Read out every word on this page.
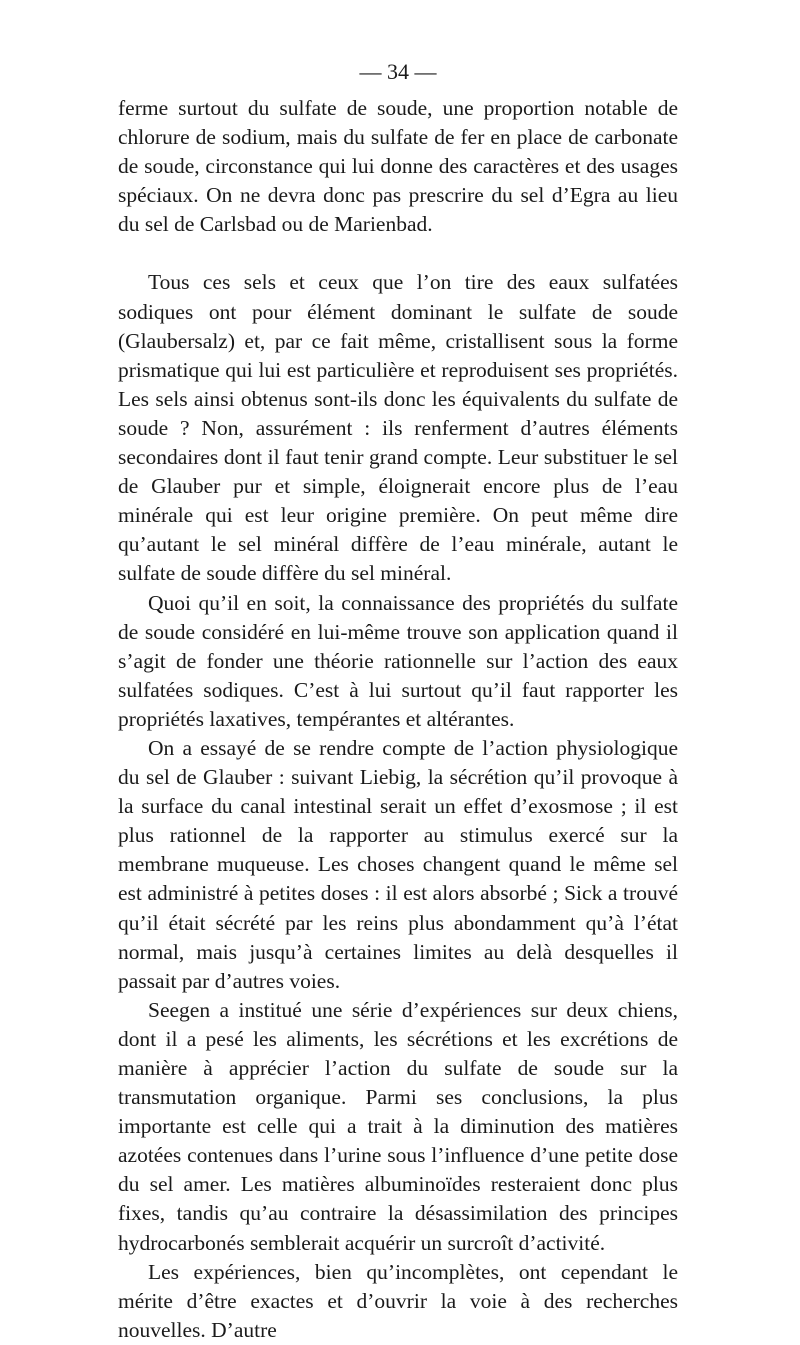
— 34 —

ferme surtout du sulfate de soude, une proportion notable de chlorure de sodium, mais du sulfate de fer en place de carbonate de soude, circonstance qui lui donne des caractères et des usages spéciaux. On ne devra donc pas prescrire du sel d’Egra au lieu du sel de Carlsbad ou de Marienbad.

Tous ces sels et ceux que l’on tire des eaux sulfatées sodiques ont pour élément dominant le sulfate de soude (Glaubersalz) et, par ce fait même, cristallisent sous la forme prismatique qui lui est particulière et reproduisent ses propriétés. Les sels ainsi obtenus sont-ils donc les équivalents du sulfate de soude ? Non, assurément : ils renferment d’autres éléments secondaires dont il faut tenir grand compte. Leur substituer le sel de Glauber pur et simple, éloignerait encore plus de l’eau minérale qui est leur origine première. On peut même dire qu’autant le sel minéral diffère de l’eau minérale, autant le sulfate de soude diffère du sel minéral.

Quoi qu’il en soit, la connaissance des propriétés du sulfate de soude considéré en lui-même trouve son application quand il s’agit de fonder une théorie rationnelle sur l’action des eaux sulfatées sodiques. C’est à lui surtout qu’il faut rapporter les propriétés laxatives, tempérantes et altérantes.

On a essayé de se rendre compte de l’action physiologique du sel de Glauber : suivant Liebig, la sécrétion qu’il provoque à la surface du canal intestinal serait un effet d’exosmose ; il est plus rationnel de la rapporter au stimulus exercé sur la membrane muqueuse. Les choses changent quand le même sel est administré à petites doses : il est alors absorbé ; Sick a trouvé qu’il était sécrété par les reins plus abondamment qu’à l’état normal, mais jusqu’à certaines limites au delà desquelles il passait par d’autres voies.

Seegen a institué une série d’expériences sur deux chiens, dont il a pesé les aliments, les sécrétions et les excrétions de manière à apprécier l’action du sulfate de soude sur la transmutation organique. Parmi ses conclusions, la plus importante est celle qui a trait à la diminution des matières azotées contenues dans l’urine sous l’influence d’une petite dose du sel amer. Les matières albuminoïdes resteraient donc plus fixes, tandis qu’au contraire la désassimilation des principes hydrocarbonés semblerait acquérir un surcroît d’activité.

Les expériences, bien qu’incomplètes, ont cependant le mérite d’être exactes et d’ouvrir la voie à des recherches nouvelles. D’autre
